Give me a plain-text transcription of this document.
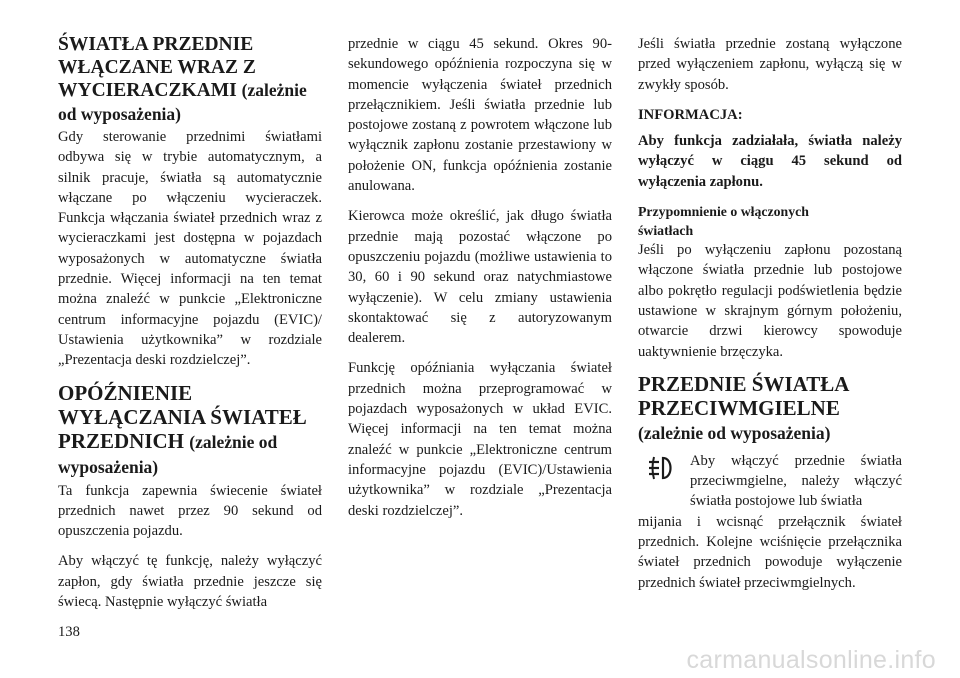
ŚWIATŁA PRZEDNIE WŁĄCZANE WRAZ Z WYCIERACZKAMI (zależnie od wyposażenia)

Gdy sterowanie przednimi światłami odbywa się w trybie automatycznym, a silnik pracuje, światła są automatycznie włączane po włączeniu wycieraczek. Funkcja włączania świateł przednich wraz z wycieraczkami jest dostępna w pojazdach wyposażonych w automatyczne światła przednie. Więcej informacji na ten temat można znaleźć w punkcie „Elektroniczne centrum informacyjne pojazdu (EVIC)/ Ustawienia użytkownika” w rozdziale „Prezentacja deski rozdzielczej”.

OPÓŹNIENIE WYŁĄCZANIA ŚWIATEŁ PRZEDNICH (zależnie od wyposażenia)

Ta funkcja zapewnia świecenie świateł przednich nawet przez 90 sekund od opuszczenia pojazdu.

Aby włączyć tę funkcję, należy wyłączyć zapłon, gdy światła przednie jeszcze się świecą. Następnie wyłączyć światła

przednie w ciągu 45 sekund. Okres 90-sekundowego opóźnienia rozpoczyna się w momencie wyłączenia świateł przednich przełącznikiem. Jeśli światła przednie lub postojowe zostaną z powrotem włączone lub wyłącznik zapłonu zostanie przestawiony w położenie ON, funkcja opóźnienia zostanie anulowana.

Kierowca może określić, jak długo światła przednie mają pozostać włączone po opuszczeniu pojazdu (możliwe ustawienia to 30, 60 i 90 sekund oraz natychmiastowe wyłączenie). W celu zmiany ustawienia skontaktować się z autoryzowanym dealerem.

Funkcję opóźniania wyłączania świateł przednich można przeprogramować w pojazdach wyposażonych w układ EVIC. Więcej informacji na ten temat można znaleźć w punkcie „Elektroniczne centrum informacyjne pojazdu (EVIC)/Ustawienia użytkownika” w rozdziale „Prezentacja deski rozdzielczej”.

Jeśli światła przednie zostaną wyłączone przed wyłączeniem zapłonu, wyłączą się w zwykły sposób.

INFORMACJA:

Aby funkcja zadziałała, światła należy wyłączyć w ciągu 45 sekund od wyłączenia zapłonu.

Przypomnienie o włączonych światłach

Jeśli po wyłączeniu zapłonu pozostaną włączone światła przednie lub postojowe albo pokrętło regulacji podświetlenia będzie ustawione w skrajnym górnym położeniu, otwarcie drzwi kierowcy spowoduje uaktywnienie brzęczyka.

PRZEDNIE ŚWIATŁA PRZECIWMGIELNE
(zależnie od wyposażenia)

Aby włączyć przednie światła przeciwmgielne, należy włączyć światła postojowe lub światła

mijania i wcisnąć przełącznik świateł przednich. Kolejne wciśnięcie przełącznika świateł przednich powoduje wyłączenie przednich świateł przeciwmgielnych.

138
carmanualsonline.info
